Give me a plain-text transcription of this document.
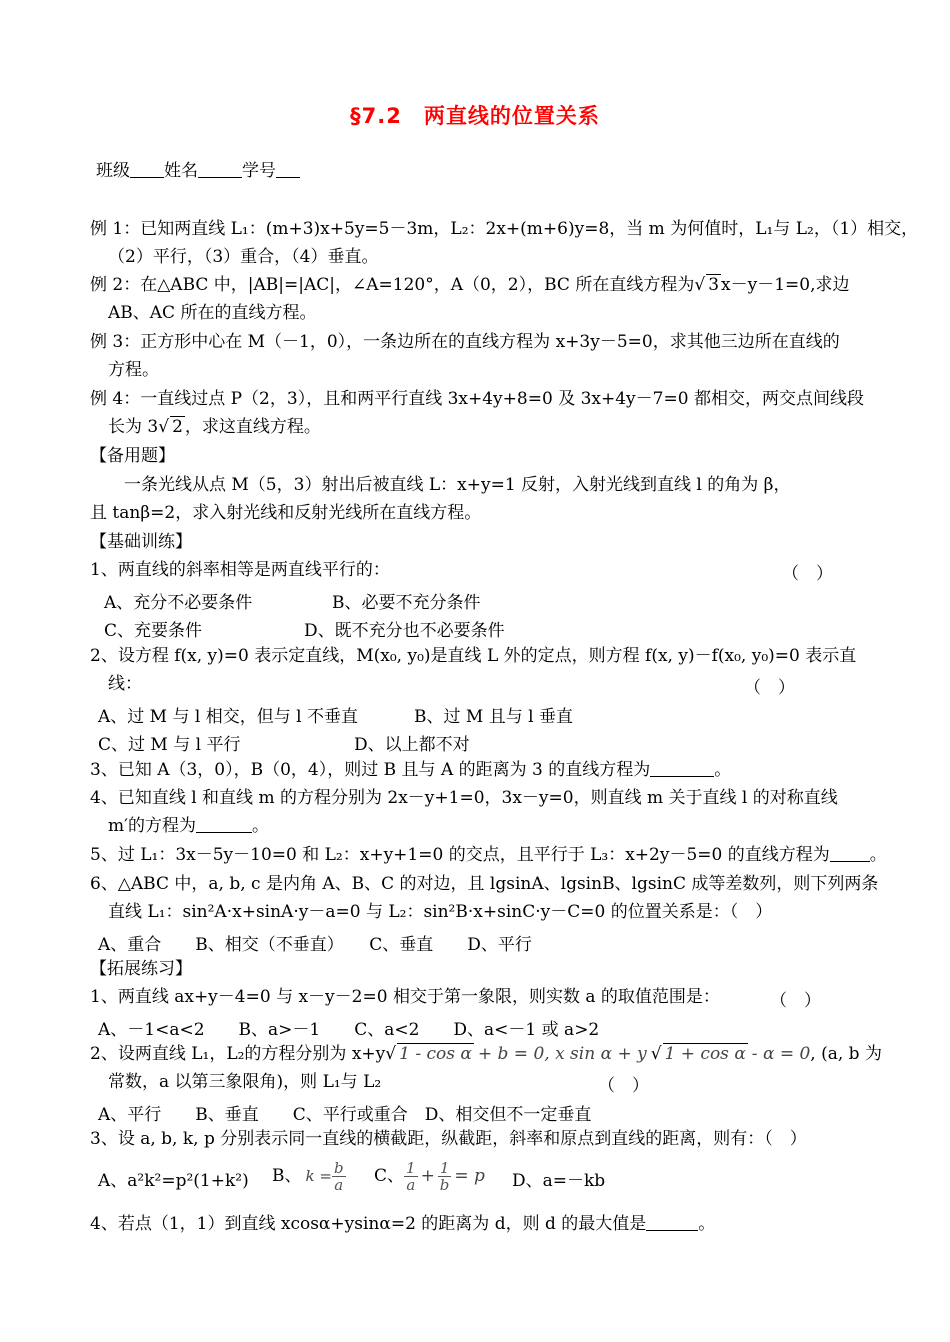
§7.2　两直线的位置关系
班级 姓名	学号
例 1：已知两直线 L₁：(m+3)x+5y=5－3m，L₂：2x+(m+6)y=8，当 m 为何值时，L₁与 L₂，（1）相交，
（2）平行，（3）重合，（4）垂直。
例 2：在△ABC 中，|AB|=|AC|，∠A=120°，A（0，2），BC 所在直线方程为√ 3 x－y－1=0,求边
AB、AC 所在的直线方程。
例 3：正方形中心在 M（－1，0），一条边所在的直线方程为 x+3y－5=0，求其他三边所在直线的
方程。
例 4：一直线过点 P（2，3），且和两平行直线 3x+4y+8=0 及 3x+4y－7=0 都相交，两交点间线段
长为 3√ 2 ，求这直线方程。
【备用题】
一条光线从点 M（5，3）射出后被直线 L：x+y=1 反射，入射光线到直线 l 的角为 β，
且 tanβ=2，求入射光线和反射光线所在直线方程。
【基础训练】
1、两直线的斜率相等是两直线平行的：	（　）
A、充分不必要条件	B、必要不充分条件
C、充要条件	D、既不充分也不必要条件
2、设方程 f(x, y)=0 表示定直线，M(x₀, y₀)是直线 L 外的定点，则方程 f(x, y)－f(x₀, y₀)=0 表示直
线：	（　）
A、过 M 与 l 相交，但与 l 不垂直	B、过 M 且与 l 垂直
C、过 M 与 l 平行	D、以上都不对
3、已知 A（3，0），B（0，4），则过 B 且与 A 的距离为 3 的直线方程为	。
4、已知直线 l 和直线 m 的方程分别为 2x－y+1=0，3x－y=0，则直线 m 关于直线 l 的对称直线
m′的方程为	。
5、过 L₁：3x－5y－10=0 和 L₂：x+y+1=0 的交点，且平行于 L₃：x+2y－5=0 的直线方程为 。
6、△ABC 中，a, b, c 是内角 A、B、C 的对边，且 lgsinA、lgsinB、lgsinC 成等差数列，则下列两条
直线 L₁：sin²A·x+sinA·y－a=0 与 L₂：sin²B·x+sinC·y－C=0 的位置关系是：（　）
A、重合　　B、相交（不垂直）　　C、垂直　　D、平行
【拓展练习】
1、两直线 ax+y－4=0 与 x－y－2=0 相交于第一象限，则实数 a 的取值范围是：	（　）
A、－1<a<2　　B、a>－1　　C、a<2　　D、a<－1 或 a>2
2、设两直线 L₁，L₂的方程分别为 x+y√ 1 - cos α + b = 0, x sin α + y √ 1 + cos α - α = 0, (a, b 为
常数，a 以第三象限角)，则 L₁与 L₂	（　）
A、平行　　B、垂直　　C、平行或重合　D、相交但不一定垂直
3、设 a, b, k, p 分别表示同一直线的横截距，纵截距，斜率和原点到直线的距离，则有：（　）
A、a²k²=p²(1+k²) B、 $k = \frac{b}{a}$ C、 $\frac{1}{a} + \frac{1}{b} = p$ D、a=－kb
4、若点（1，1）到直线 xcosα+ysinα=2 的距离为 d，则 d 的最大值是	。
